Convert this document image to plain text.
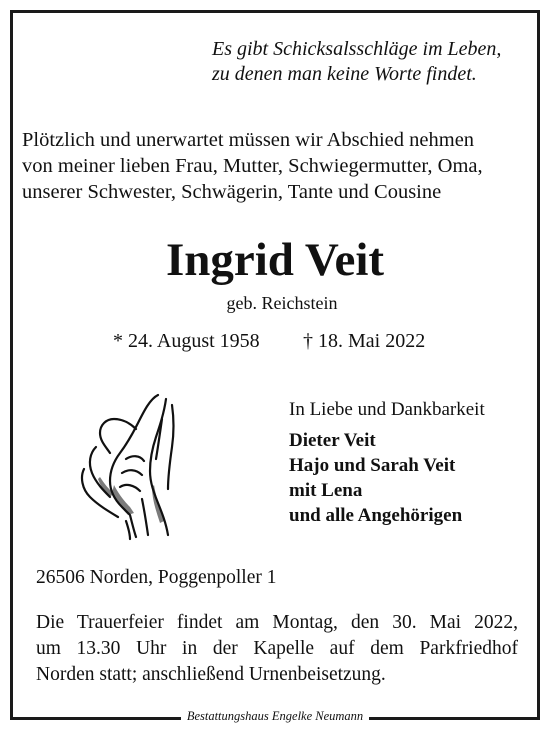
Es gibt Schicksalsschläge im Leben,
zu denen man keine Worte findet.
Plötzlich und unerwartet müssen wir Abschied nehmen
von meiner lieben Frau, Mutter, Schwiegermutter, Oma,
unserer Schwester, Schwägerin, Tante und Cousine
Ingrid Veit
geb. Reichstein
* 24. August 1958 † 18. Mai 2022
In Liebe und Dankbarkeit
Dieter Veit
Hajo und Sarah Veit
mit Lena
und alle Angehörigen
26506 Norden, Poggenpoller 1
Die Trauerfeier findet am Montag, den 30. Mai 2022,
um 13.30 Uhr in der Kapelle auf dem Parkfriedhof
Norden statt; anschließend Urnenbeisetzung.
Bestattungshaus Engelke Neumann
